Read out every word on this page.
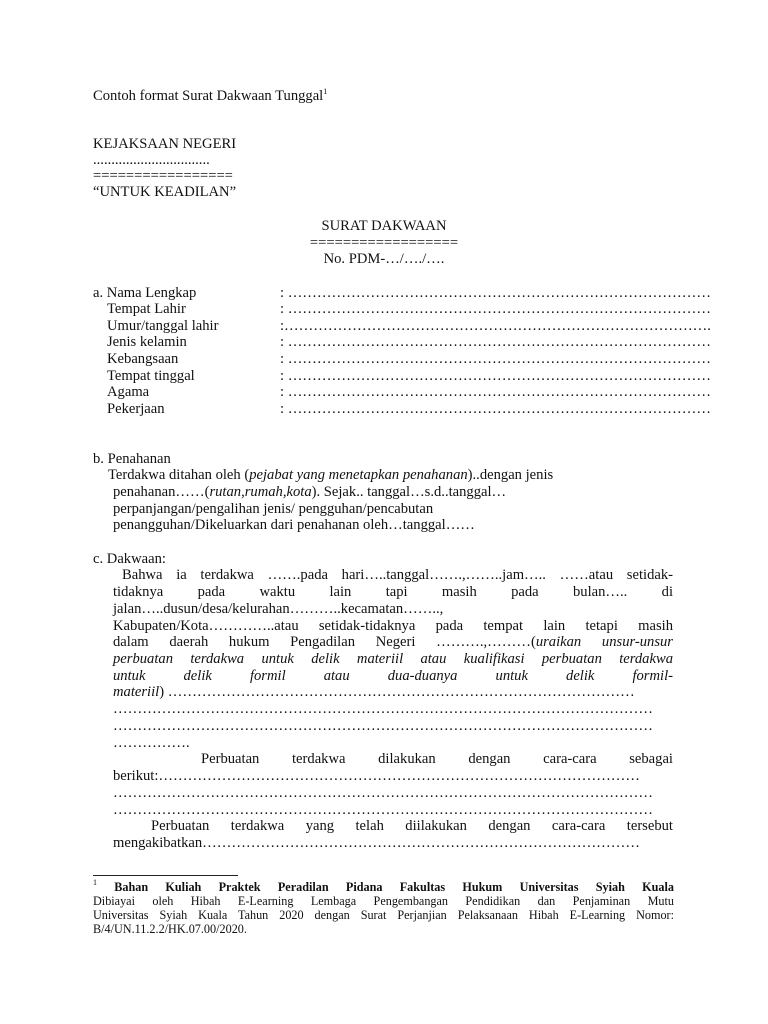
Contoh format Surat Dakwaan Tunggal$^1$
KEJAKSAAN NEGERI
................................
=================
“UNTUK KEADILAN”
SURAT DAKWAAN
==================
No. PDM-…/…./….
a. Nama Lengkap	: ……………………………………………………………………………
Tempat Lahir	: ……………………………………………………………………………
Umur/tanggal lahir	:…………………………………………………………………………….
Jenis kelamin	: ……………………………………………………………………………
Kebangsaan	: ……………………………………………………………………………
Tempat tinggal	: ……………………………………………………………………………
Agama	: ……………………………………………………………………………
Pekerjaan	: ……………………………………………………………………………
b. Penahanan
Terdakwa ditahan oleh (pejabat yang menetapkan penahanan)..dengan jenis
penahanan……(rutan,rumah,kota). Sejak.. tanggal…s.d..tanggal…
perpanjangan/pengalihan jenis/ pengguhan/pencabutan
penangguhan/Dikeluarkan dari penahanan oleh…tanggal……
c. Dakwaan:
Bahwa ia terdakwa …….pada hari…..tanggal…….,……..jam….. ……atau setidak-
tidaknya pada waktu lain tapi masih pada bulan….. di
jalan…..dusun/desa/kelurahan………..kecamatan……..,
Kabupaten/Kota…………..atau setidak-tidaknya pada tempat lain tetapi masih
dalam daerah hukum Pengadilan Negeri ……….,………(uraikan unsur-unsur
perbuatan terdakwa untuk delik materiil atau kualifikasi perbuatan terdakwa
untuk delik formil atau dua-duanya untuk delik formil-
materiil) ……………………………………………………………………………………
…………………………………………………………………………………………………
…………………………………………………………………………………………………
…………….
Perbuatan terdakwa dilakukan dengan cara-cara sebagai
berikut:………………………………………………………………………………………
…………………………………………………………………………………………………
…………………………………………………………………………………………………
Perbuatan terdakwa yang telah diilakukan dengan cara-cara tersebut
mengakibatkan………………………………………………………………………………
$^1$ Bahan Kuliah Praktek Peradilan Pidana Fakultas Hukum Universitas Syiah Kuala
Dibiayai oleh Hibah E-Learning Lembaga Pengembangan Pendidikan dan Penjaminan Mutu
Universitas Syiah Kuala Tahun 2020 dengan Surat Perjanjian Pelaksanaan Hibah E-Learning Nomor:
B/4/UN.11.2.2/HK.07.00/2020.
